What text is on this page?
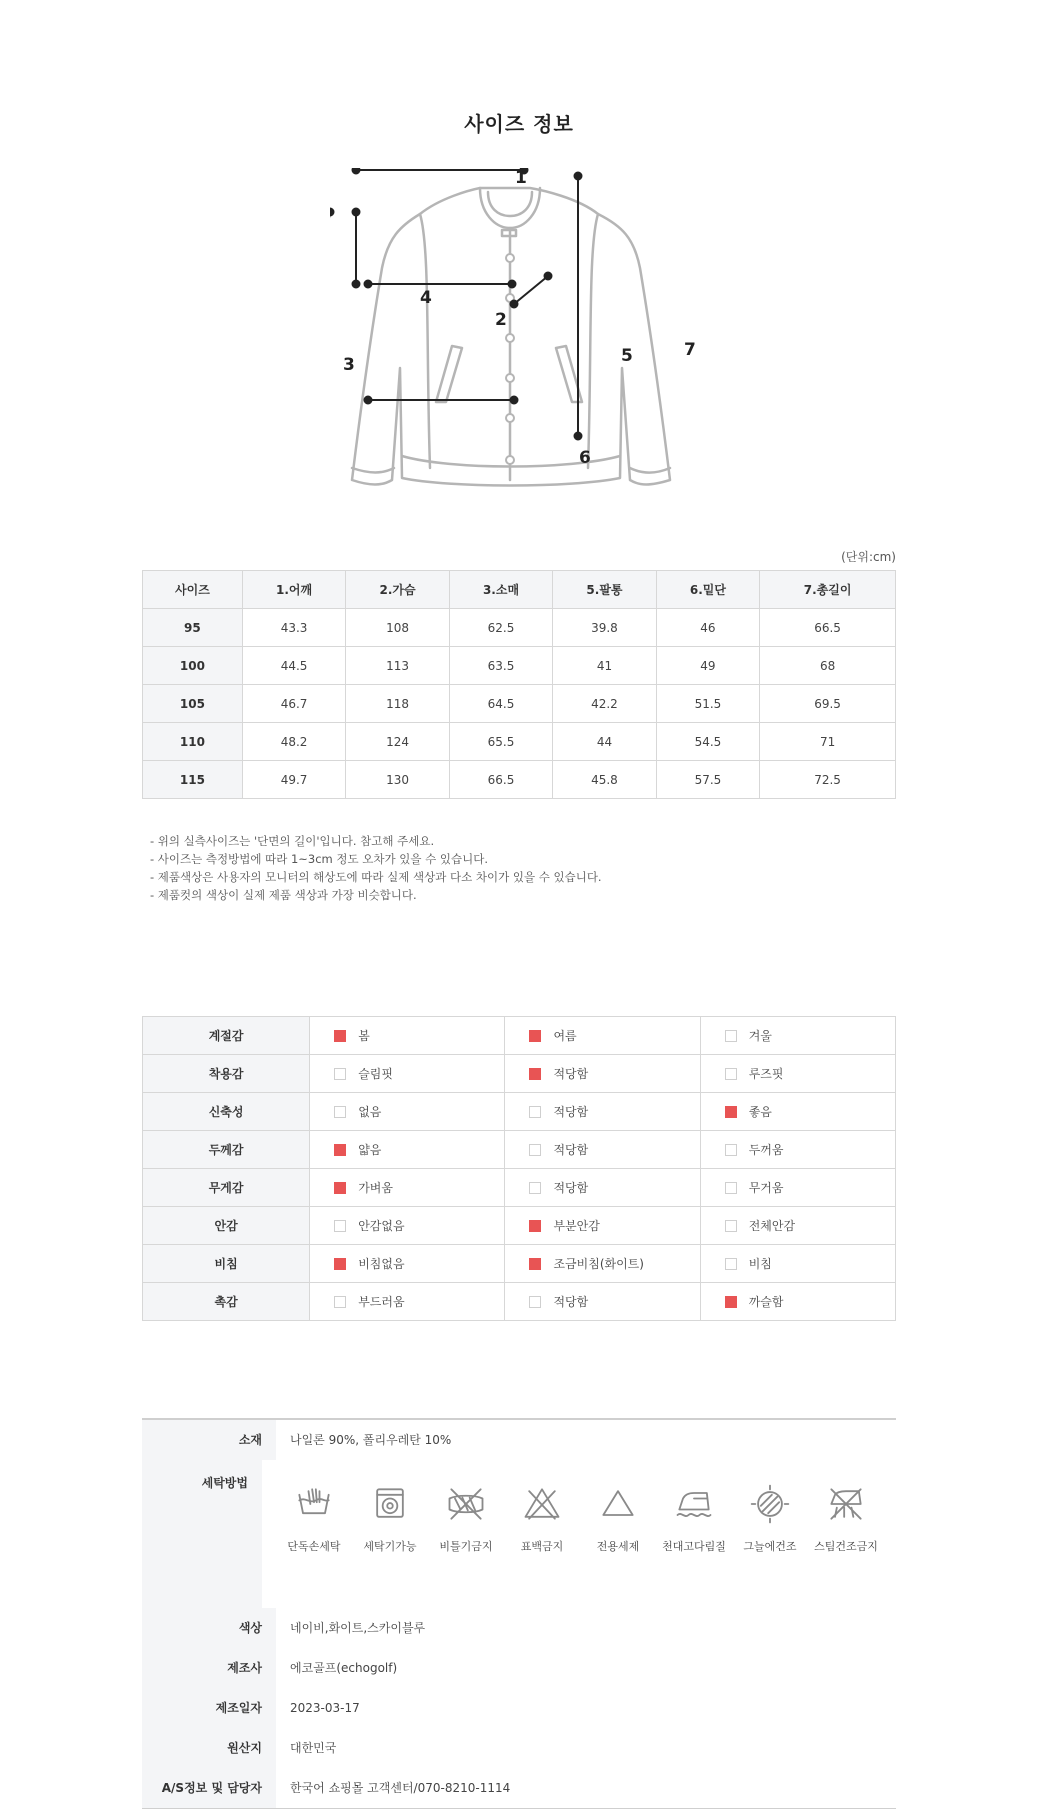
사이즈 정보
1
2
3
4
5
6
7
(단위:cm)
사이즈	1.어깨	2.가슴	3.소매	5.팔통	6.밑단	7.총길이
95	43.3	108	62.5	39.8	46	66.5
100	44.5	113	63.5	41	49	68
105	46.7	118	64.5	42.2	51.5	69.5
110	48.2	124	65.5	44	54.5	71
115	49.7	130	66.5	45.8	57.5	72.5
- 위의 실측사이즈는 '단면의 길이'입니다. 참고해 주세요.
- 사이즈는 측정방법에 따라 1~3cm 정도 오차가 있을 수 있습니다.
- 제품색상은 사용자의 모니터의 해상도에 따라 실제 색상과 다소 차이가 있을 수 있습니다.
- 제품컷의 색상이 실제 제품 색상과 가장 비슷합니다.
계절감	봄	여름	겨울
착용감	슬림핏	적당함	루즈핏
신축성	없음	적당함	좋음
두께감	얇음	적당함	두꺼움
무게감	가벼움	적당함	무거움
안감	안감없음	부분안감	전체안감
비침	비침없음	조금비침(화이트)	비침
촉감	부드러움	적당함	까슬함
소재	나일론 90%, 폴리우레탄 10%
세탁방법
단독손세탁	세탁기가능	비틀기금지	표백금지	전용세제	천대고다림질	그늘에건조	스팀건조금지
색상	네이비,화이트,스카이블루
제조사	에코골프(echogolf)
제조일자	2023-03-17
원산지	대한민국
A/S정보 및 담당자	한국어 쇼핑몰 고객센터/070-8210-1114
